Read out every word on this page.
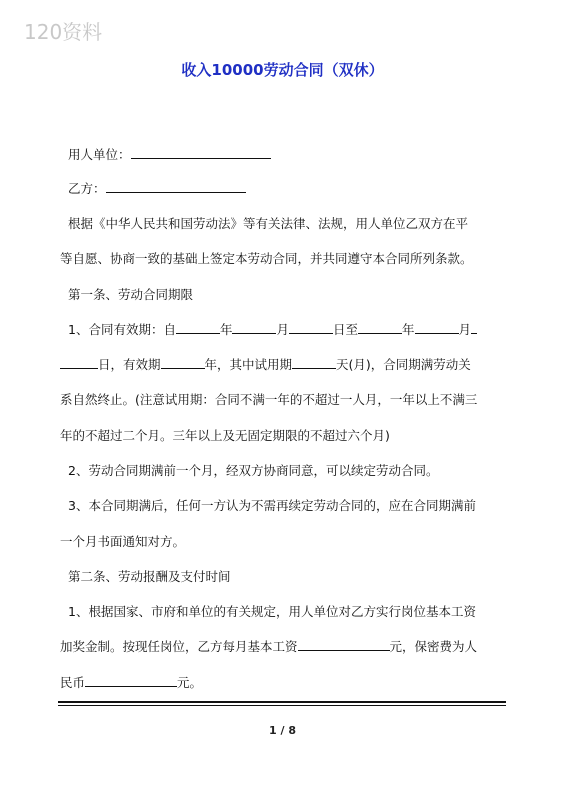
120资料
收入10000劳动合同（双休）
用人单位：
乙方：
根据《中华人民共和国劳动法》等有关法律、法规，用人单位乙双方在平
等自愿、协商一致的基础上签定本劳动合同，并共同遵守本合同所列条款。
第一条、劳动合同期限
1、合同有效期：自	年	月	日至	年	月
日，有效期	年，其中试用期	天(月)，合同期满劳动关
系自然终止。(注意试用期：合同不满一年的不超过一人月，一年以上不满三
年的不超过二个月。三年以上及无固定期限的不超过六个月)
2、劳动合同期满前一个月，经双方协商同意，可以续定劳动合同。
3、本合同期满后，任何一方认为不需再续定劳动合同的，应在合同期满前
一个月书面通知对方。
第二条、劳动报酬及支付时间
1、根据国家、市府和单位的有关规定，用人单位对乙方实行岗位基本工资
加奖金制。按现任岗位，乙方每月基本工资	元，保密费为人
民币	元。
1 / 8
